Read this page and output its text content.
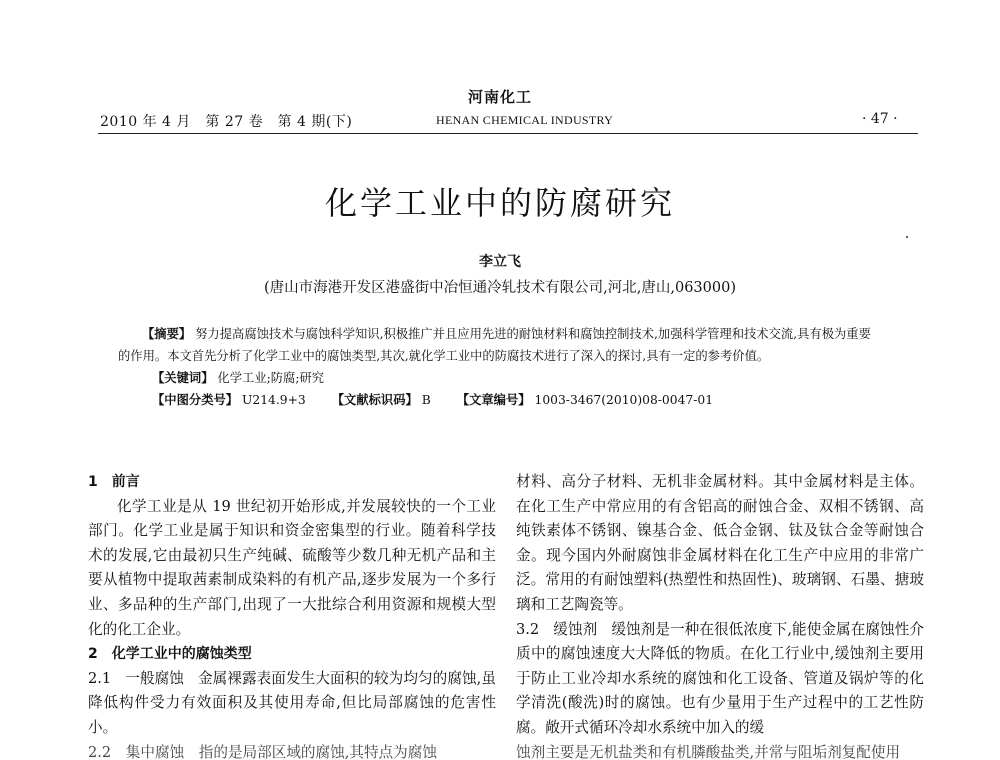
河南化工
2010 年 4 月　第 27 卷　第 4 期(下)	HENAN CHEMICAL INDUSTRY	· 47 ·
化学工业中的防腐研究
李立飞
(唐山市海港开发区港盛街中冶恒通冷轧技术有限公司,河北,唐山,063000)
【摘要】 努力提高腐蚀技术与腐蚀科学知识,积极推广并且应用先进的耐蚀材料和腐蚀控制技术,加强科学管理和技术交流,具有极为重要的作用。本文首先分析了化学工业中的腐蚀类型,其次,就化学工业中的防腐技术进行了深入的探讨,具有一定的参考价值。
【关键词】 化学工业;防腐;研究
【中图分类号】 U214.9+3 【文献标识码】 B 【文章编号】 1003-3467(2010)08-0047-01

1　前言

化学工业是从 19 世纪初开始形成,并发展较快的一个工业部门。化学工业是属于知识和资金密集型的行业。随着科学技术的发展,它由最初只生产纯碱、硫酸等少数几种无机产品和主要从植物中提取茜素制成染料的有机产品,逐步发展为一个多行业、多品种的生产部门,出现了一大批综合利用资源和规模大型化的化工企业。

2　化学工业中的腐蚀类型

2.1 一般腐蚀 金属裸露表面发生大面积的较为均匀的腐蚀,虽降低构件受力有效面积及其使用寿命,但比局部腐蚀的危害性小。

2.2　集中腐蚀　指的是局部区域的腐蚀,其特点为腐蚀

材料、高分子材料、无机非金属材料。其中金属材料是主体。在化工生产中常应用的有含铝高的耐蚀合金、双相不锈钢、高纯铁素体不锈钢、镍基合金、低合金钢、钛及钛合金等耐蚀合金。现今国内外耐腐蚀非金属材料在化工生产中应用的非常广泛。常用的有耐蚀塑料(热塑性和热固性)、玻璃钢、石墨、搪玻璃和工艺陶瓷等。

3.2 缓蚀剂 缓蚀剂是一种在很低浓度下,能使金属在腐蚀性介质中的腐蚀速度大大降低的物质。在化工行业中,缓蚀剂主要用于防止工业冷却水系统的腐蚀和化工设备、管道及锅炉等的化学清洗(酸洗)时的腐蚀。也有少量用于生产过程中的工艺性防腐。敞开式循环冷却水系统中加入的缓

蚀剂主要是无机盐类和有机膦酸盐类,并常与阻垢剂复配使用
